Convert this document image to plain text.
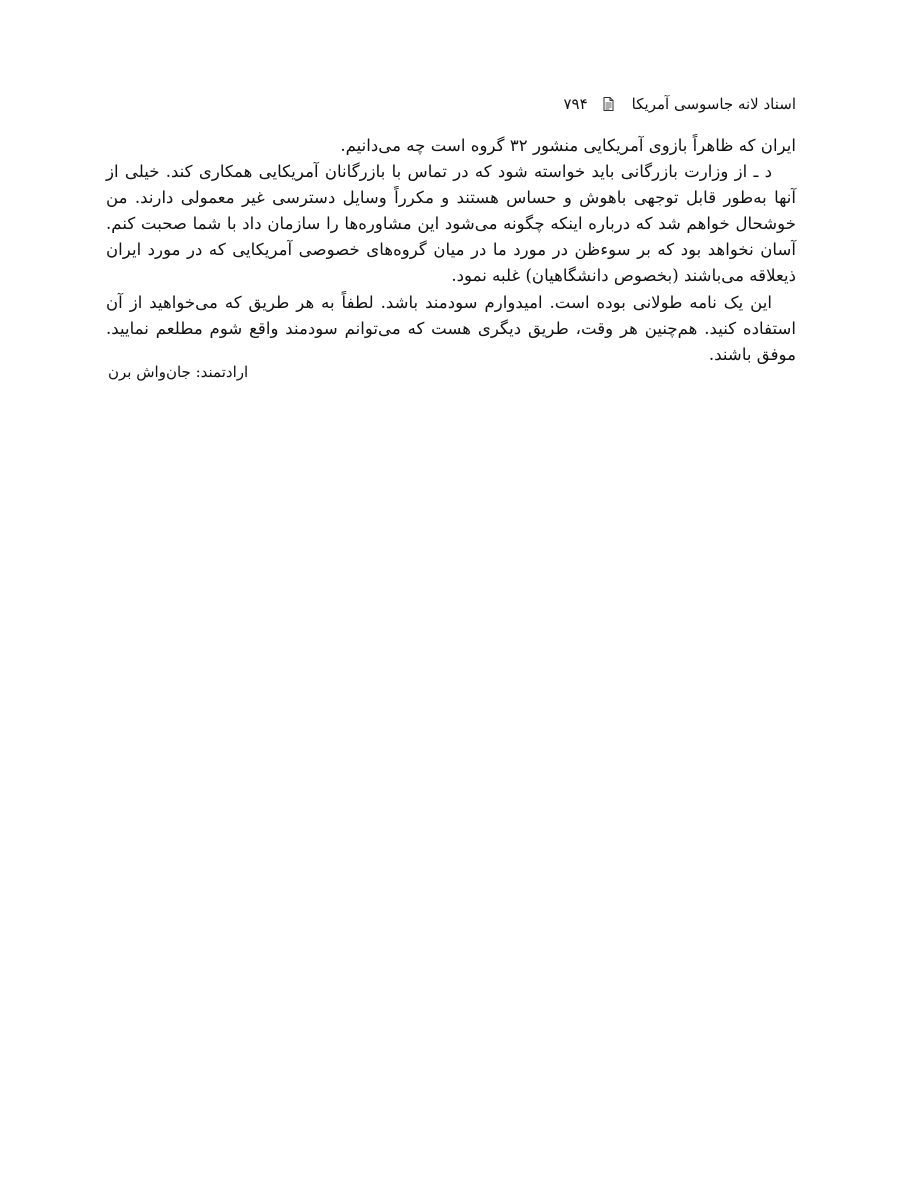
اسناد لانه جاسوسی آمریکا
۷۹۴

ایران که ظاهراً بازوی آمریکایی منشور ۳۲ گروه است چه می‌دانیم.

د ـ از وزارت بازرگانی باید خواسته شود که در تماس با بازرگانان آمریکایی همکاری کند. خیلی از آنها به‌طور قابل توجهی باهوش و حساس هستند و مکرراً وسایل دسترسی غیر معمولی دارند. من خوشحال خواهم شد که درباره اینکه چگونه می‌شود این مشاوره‌ها را سازمان داد با شما صحبت کنم. آسان نخواهد بود که بر سوءظن در مورد ما در میان گروه‌های خصوصی آمریکایی که در مورد ایران ذیعلاقه می‌باشند (بخصوص دانشگاهیان) غلبه نمود.

این یک نامه طولانی بوده است. امیدوارم سودمند باشد. لطفاً به هر طریق که می‌خواهید از آن استفاده کنید. هم‌چنین هر وقت، طریق دیگری هست که می‌توانم سودمند واقع شوم مطلعم نمایید. موفق باشند.

ارادتمند: جان‌واش برن
